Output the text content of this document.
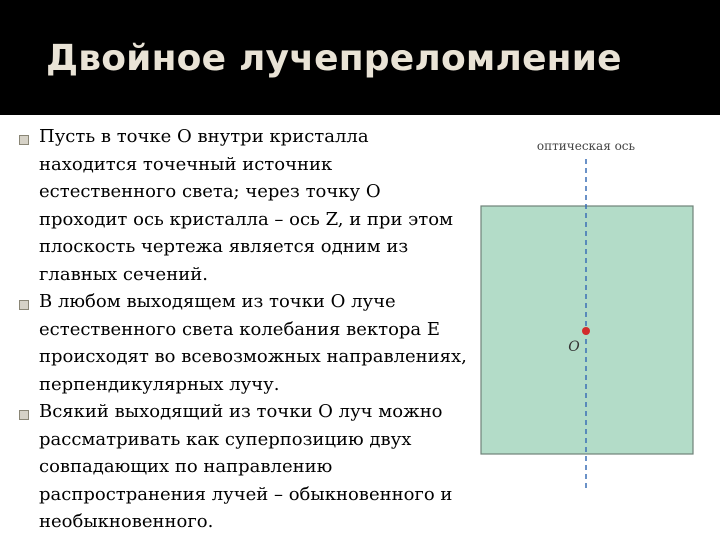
Двойное лучепреломление
Пусть в точке O внутри кристалла находится точечный источник естественного света; через точку O проходит ось кристалла – ось Z, и при этом плоскость чертежа является одним из главных сечений.
В любом выходящем из точки O луче естественного света колебания вектора E происходят во всевозможных направлениях, перпендикулярных лучу.
Всякий выходящий из точки O луч можно рассматривать как суперпозицию двух совпадающих по направлению распространения лучей – обыкновенного и необыкновенного.
оптическая ось
O
